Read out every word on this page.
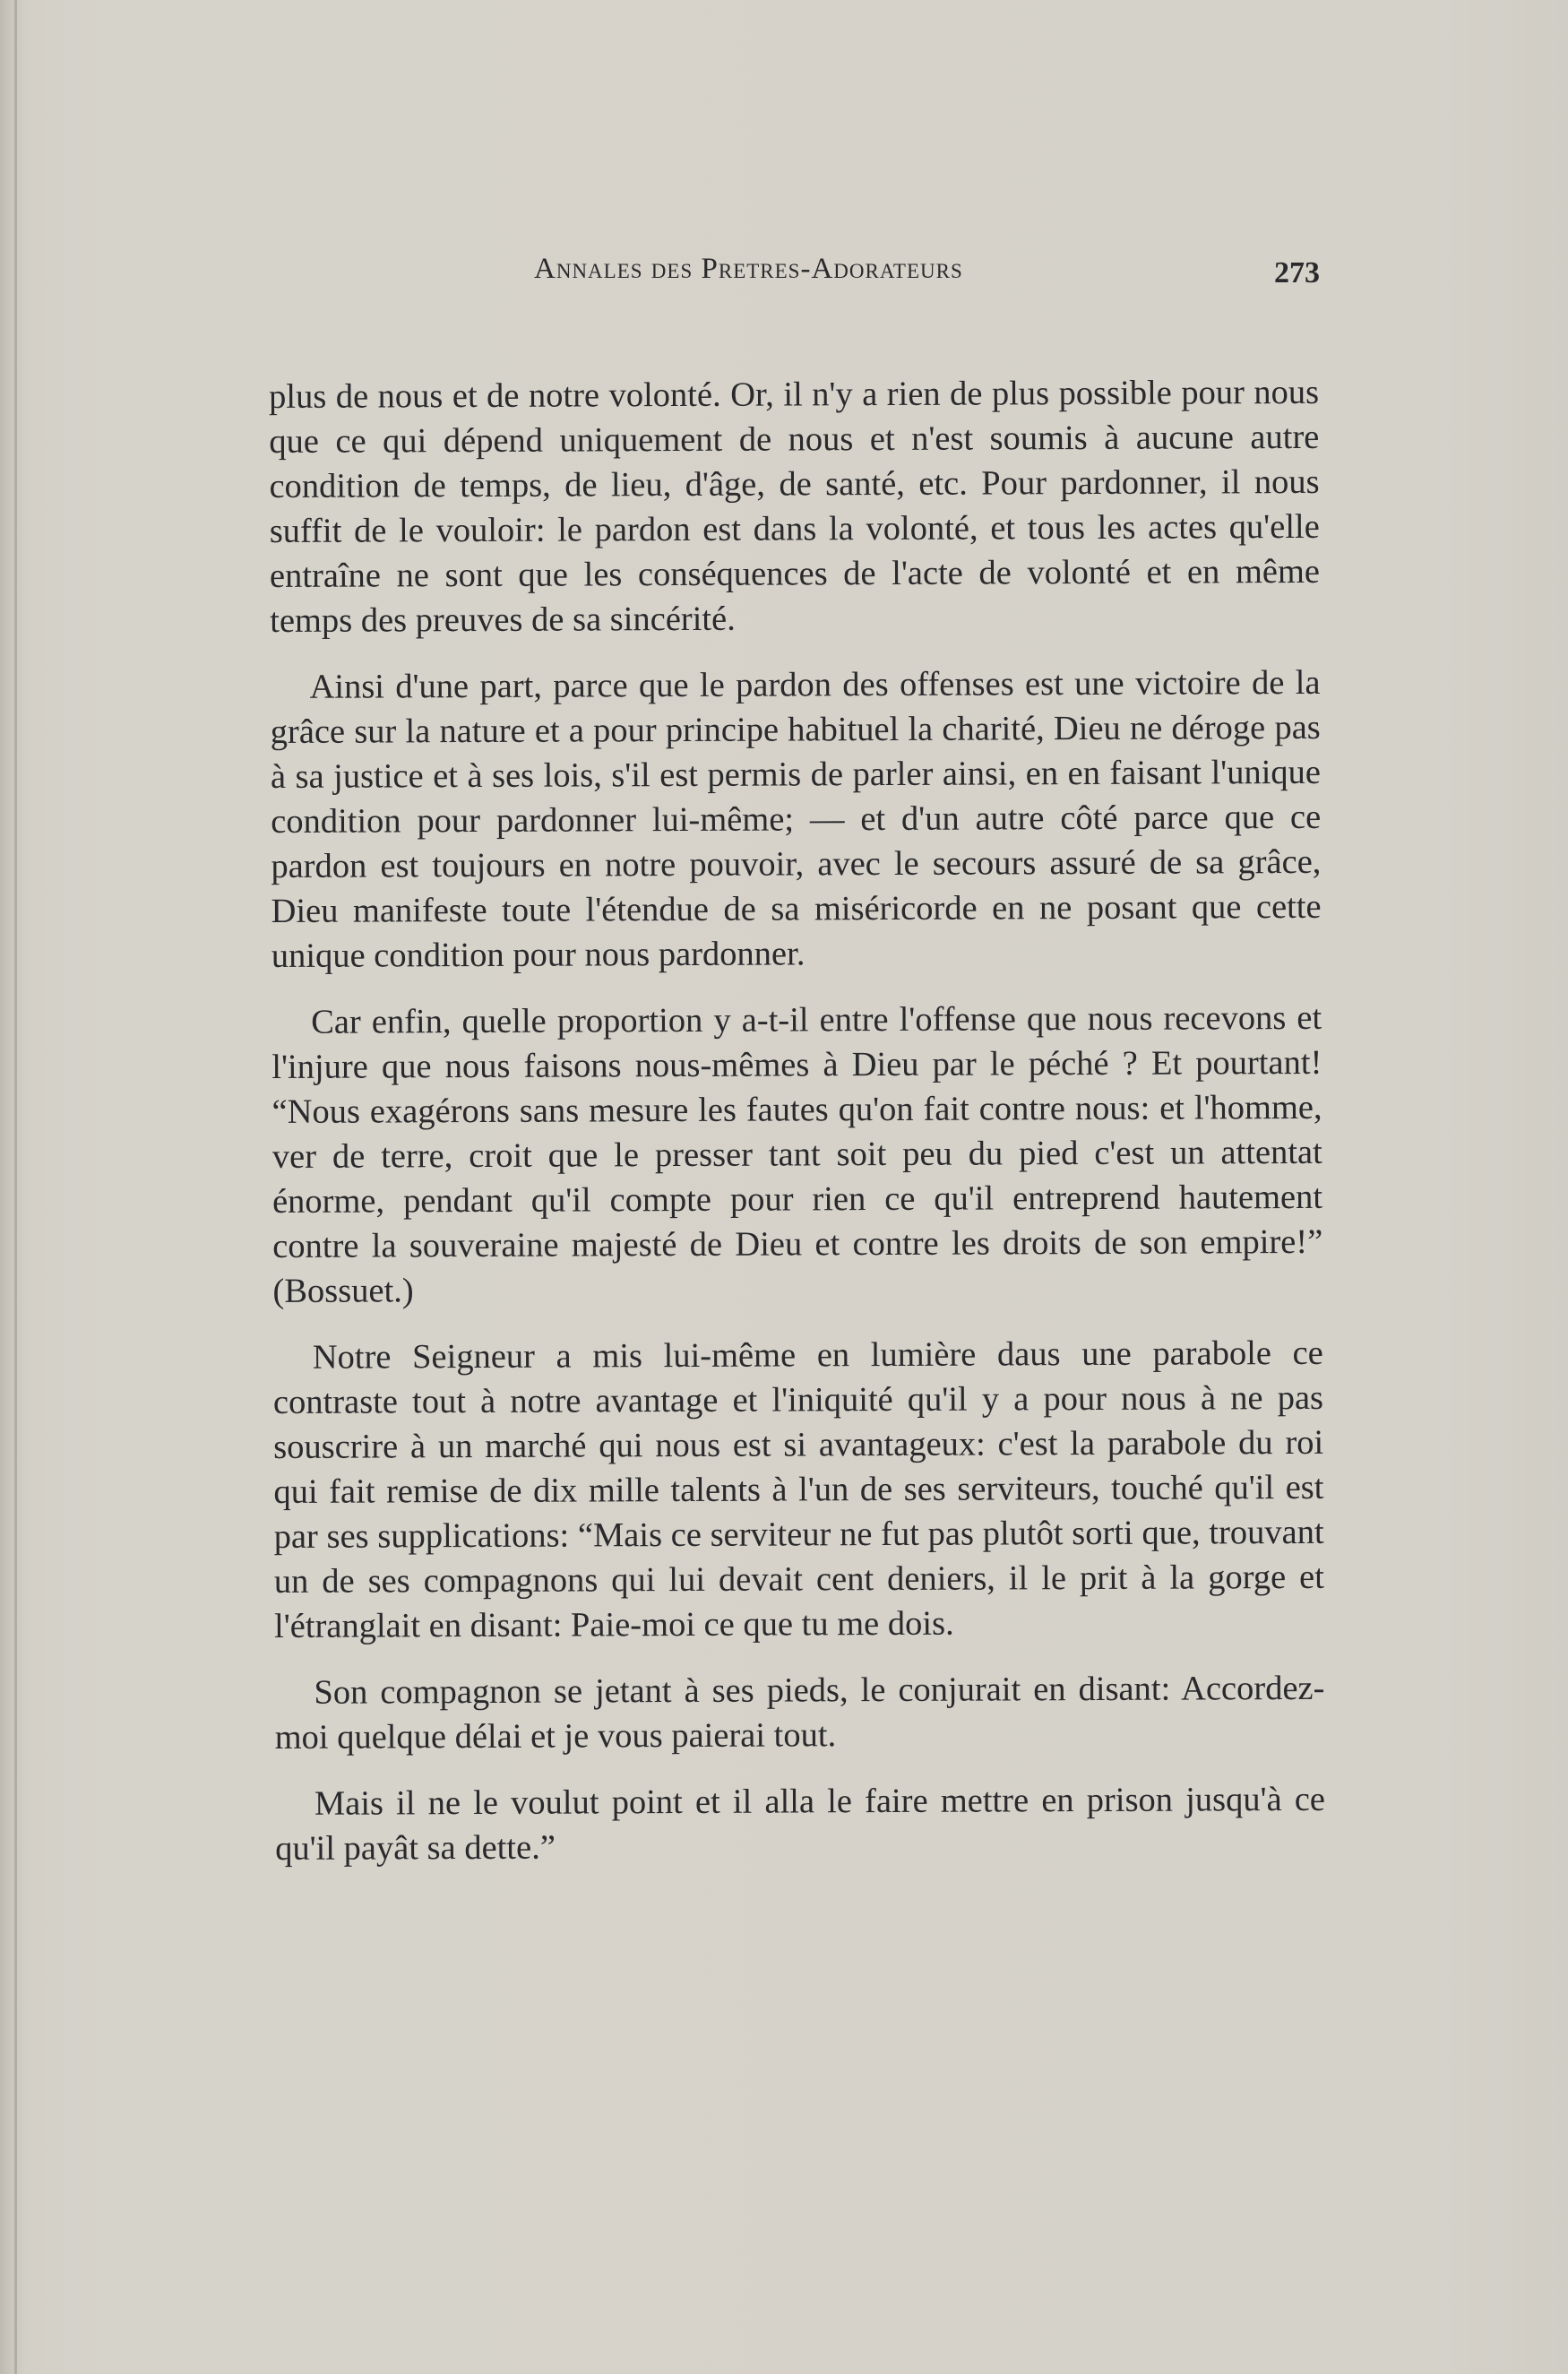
Annales des Pretres-Adorateurs	273

plus de nous et de notre volonté. Or, il n'y a rien de plus possible pour nous que ce qui dépend uniquement de nous et n'est soumis à aucune autre condition de temps, de lieu, d'âge, de santé, etc. Pour pardonner, il nous suffit de le vouloir: le pardon est dans la volonté, et tous les actes qu'elle entraîne ne sont que les conséquences de l'acte de volonté et en même temps des preuves de sa sincérité.

Ainsi d'une part, parce que le pardon des offenses est une victoire de la grâce sur la nature et a pour principe habituel la charité, Dieu ne déroge pas à sa justice et à ses lois, s'il est permis de parler ainsi, en en faisant l'unique condition pour pardonner lui-même; — et d'un autre côté parce que ce pardon est toujours en notre pouvoir, avec le secours assuré de sa grâce, Dieu manifeste toute l'étendue de sa miséricorde en ne posant que cette unique condition pour nous pardonner.

Car enfin, quelle proportion y a-t-il entre l'offense que nous recevons et l'injure que nous faisons nous-mêmes à Dieu par le péché ? Et pourtant! “Nous exagérons sans mesure les fautes qu'on fait contre nous: et l'homme, ver de terre, croit que le presser tant soit peu du pied c'est un attentat énorme, pendant qu'il compte pour rien ce qu'il entreprend hautement contre la souveraine majesté de Dieu et contre les droits de son empire!” (Bossuet.)

Notre Seigneur a mis lui-même en lumière daus une parabole ce contraste tout à notre avantage et l'iniquité qu'il y a pour nous à ne pas souscrire à un marché qui nous est si avantageux: c'est la parabole du roi qui fait remise de dix mille talents à l'un de ses serviteurs, touché qu'il est par ses supplications: “Mais ce serviteur ne fut pas plutôt sorti que, trouvant un de ses compagnons qui lui devait cent deniers, il le prit à la gorge et l'étranglait en disant: Paie-moi ce que tu me dois.

Son compagnon se jetant à ses pieds, le conjurait en disant: Accordez-moi quelque délai et je vous paierai tout.

Mais il ne le voulut point et il alla le faire mettre en prison jusqu'à ce qu'il payât sa dette.”
